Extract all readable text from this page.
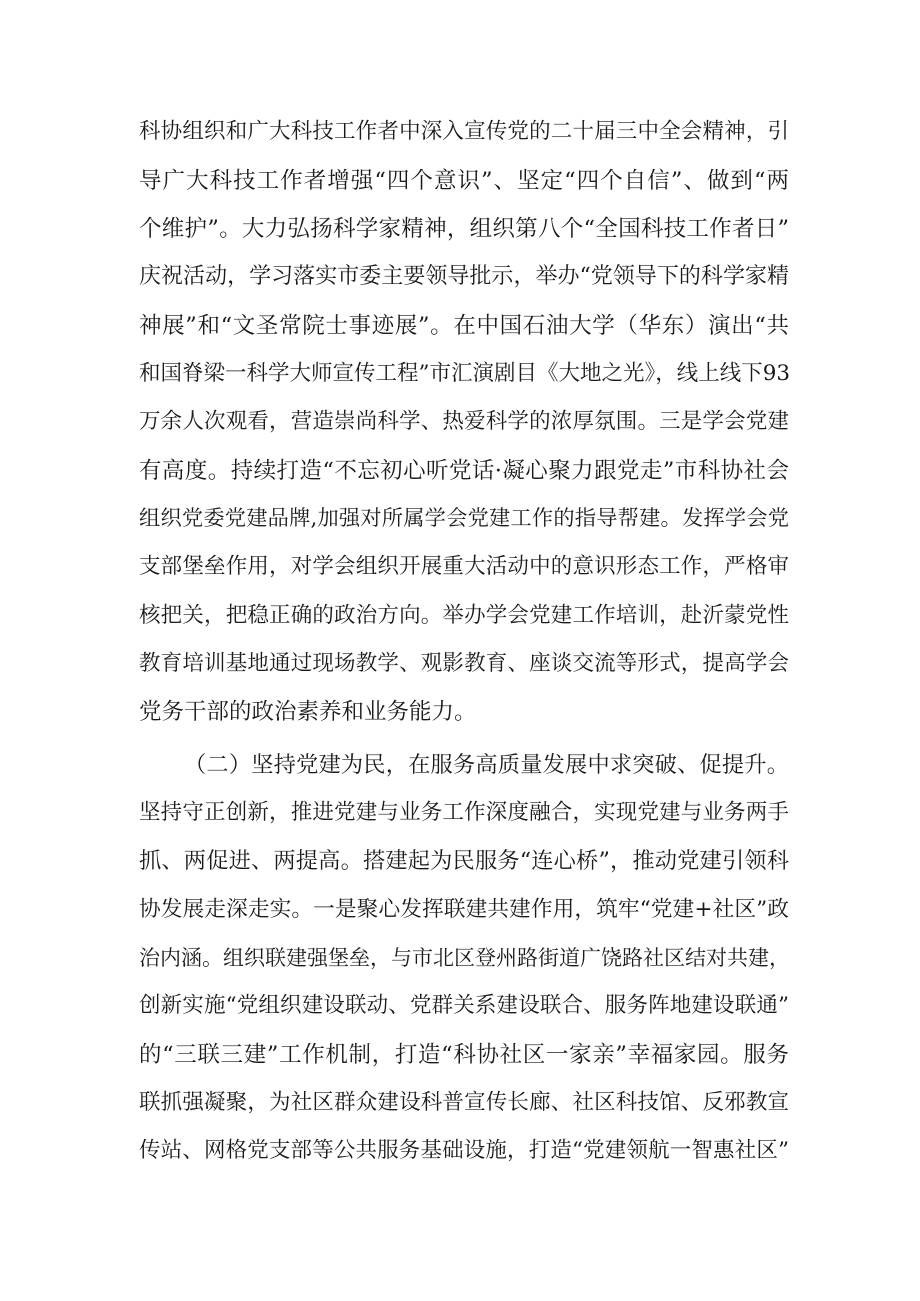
科协组织和广大科技工作者中深入宣传党的二十届三中全会精神，引
导广大科技工作者增强“四个意识”、坚定“四个自信”、做到“两
个维护”。大力弘扬科学家精神，组织第八个“全国科技工作者日”
庆祝活动，学习落实市委主要领导批示，举办“党领导下的科学家精
神展”和“文圣常院士事迹展”。在中国石油大学（华东）演出“共
和国脊梁一科学大师宣传工程”市汇演剧目《大地之光》，线上线下93
万余人次观看，营造崇尚科学、热爱科学的浓厚氛围。三是学会党建
有高度。持续打造“不忘初心听党话·凝心聚力跟党走”市科协社会
组织党委党建品牌,加强对所属学会党建工作的指导帮建。发挥学会党
支部堡垒作用，对学会组织开展重大活动中的意识形态工作，严格审
核把关，把稳正确的政治方向。举办学会党建工作培训，赴沂蒙党性
教育培训基地通过现场教学、观影教育、座谈交流等形式，提高学会
党务干部的政治素养和业务能力。
（二）坚持党建为民，在服务高质量发展中求突破、促提升。
坚持守正创新，推进党建与业务工作深度融合，实现党建与业务两手
抓、两促进、两提高。搭建起为民服务“连心桥”，推动党建引领科
协发展走深走实。一是聚心发挥联建共建作用，筑牢“党建+社区”政
治内涵。组织联建强堡垒，与市北区登州路街道广饶路社区结对共建，
创新实施“党组织建设联动、党群关系建设联合、服务阵地建设联通”
的“三联三建”工作机制，打造“科协社区一家亲”幸福家园。服务
联抓强凝聚，为社区群众建设科普宣传长廊、社区科技馆、反邪教宣
传站、网格党支部等公共服务基础设施，打造“党建领航一智惠社区”
